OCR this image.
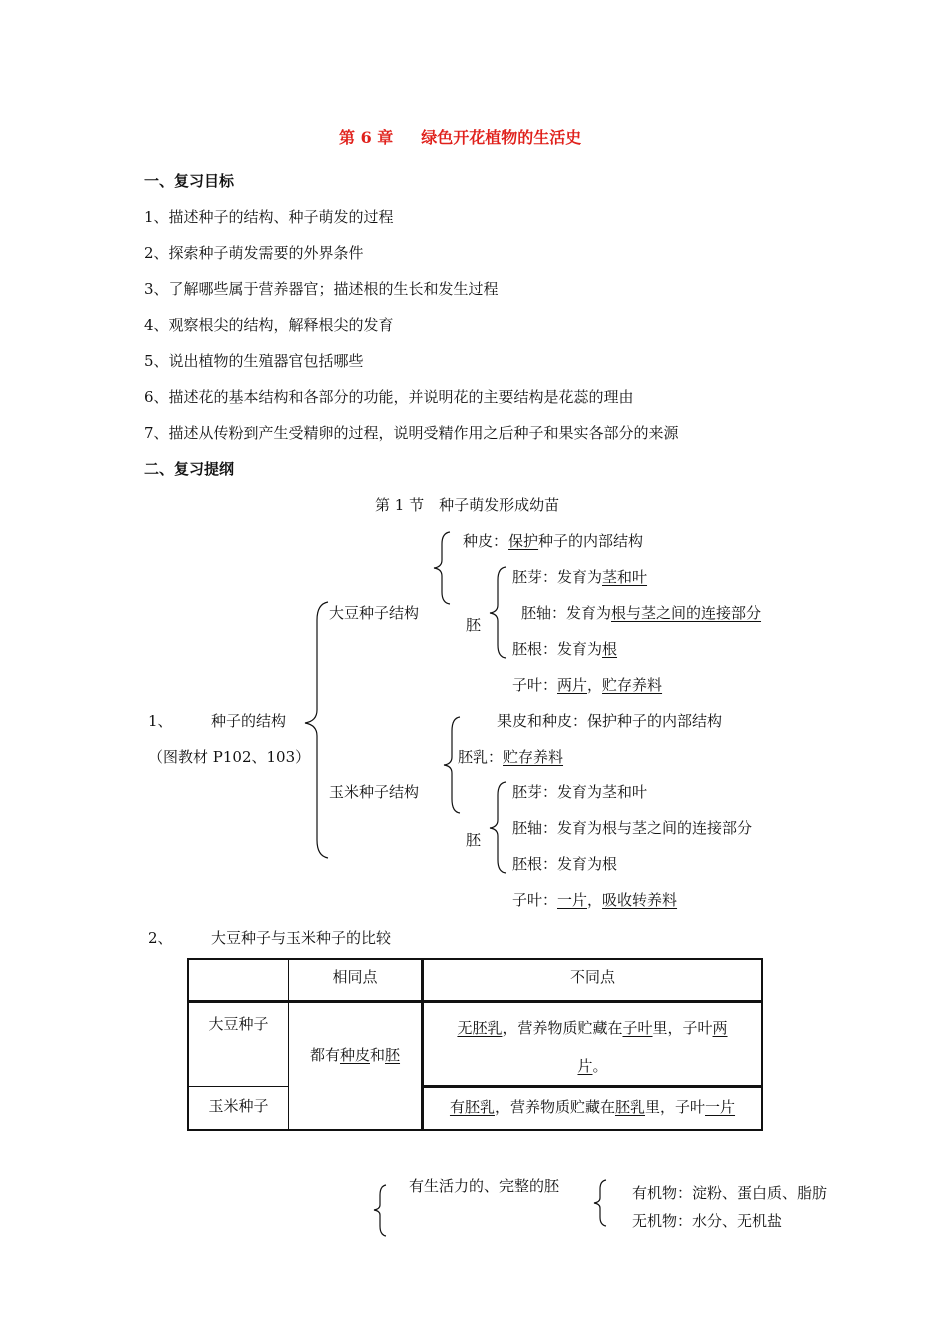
第 6 章 绿色开花植物的生活史
一、复习目标
1、描述种子的结构、种子萌发的过程
2、探索种子萌发需要的外界条件
3、了解哪些属于营养器官；描述根的生长和发生过程
4、观察根尖的结构，解释根尖的发育
5、说出植物的生殖器官包括哪些
6、描述花的基本结构和各部分的功能，并说明花的主要结构是花蕊的理由
7、描述从传粉到产生受精卵的过程，说明受精作用之后种子和果实各部分的来源
二、复习提纲
第 1 节　种子萌发形成幼苗
1、	种子的结构
（图教材 P102、103）
大豆种子结构
种皮：保护种子的内部结构
胚
胚芽：发育为茎和叶
胚轴：发育为根与茎之间的连接部分
胚根：发育为根
子叶：两片，贮存养料
玉米种子结构
果皮和种皮：保护种子的内部结构
胚乳：贮存养料
胚
胚芽：发育为茎和叶
胚轴：发育为根与茎之间的连接部分
胚根：发育为根
子叶：一片，吸收转养料
2、	大豆种子与玉米种子的比较

	相同点	不同点

大豆种子	都有种皮和胚	无胚乳，营养物质贮藏在子叶里，子叶两
片。

玉米种子		有胚乳，营养物质贮藏在胚乳里，子叶一片
有生活力的、完整的胚	有机物：淀粉、蛋白质、脂肪
无机物：水分、无机盐
